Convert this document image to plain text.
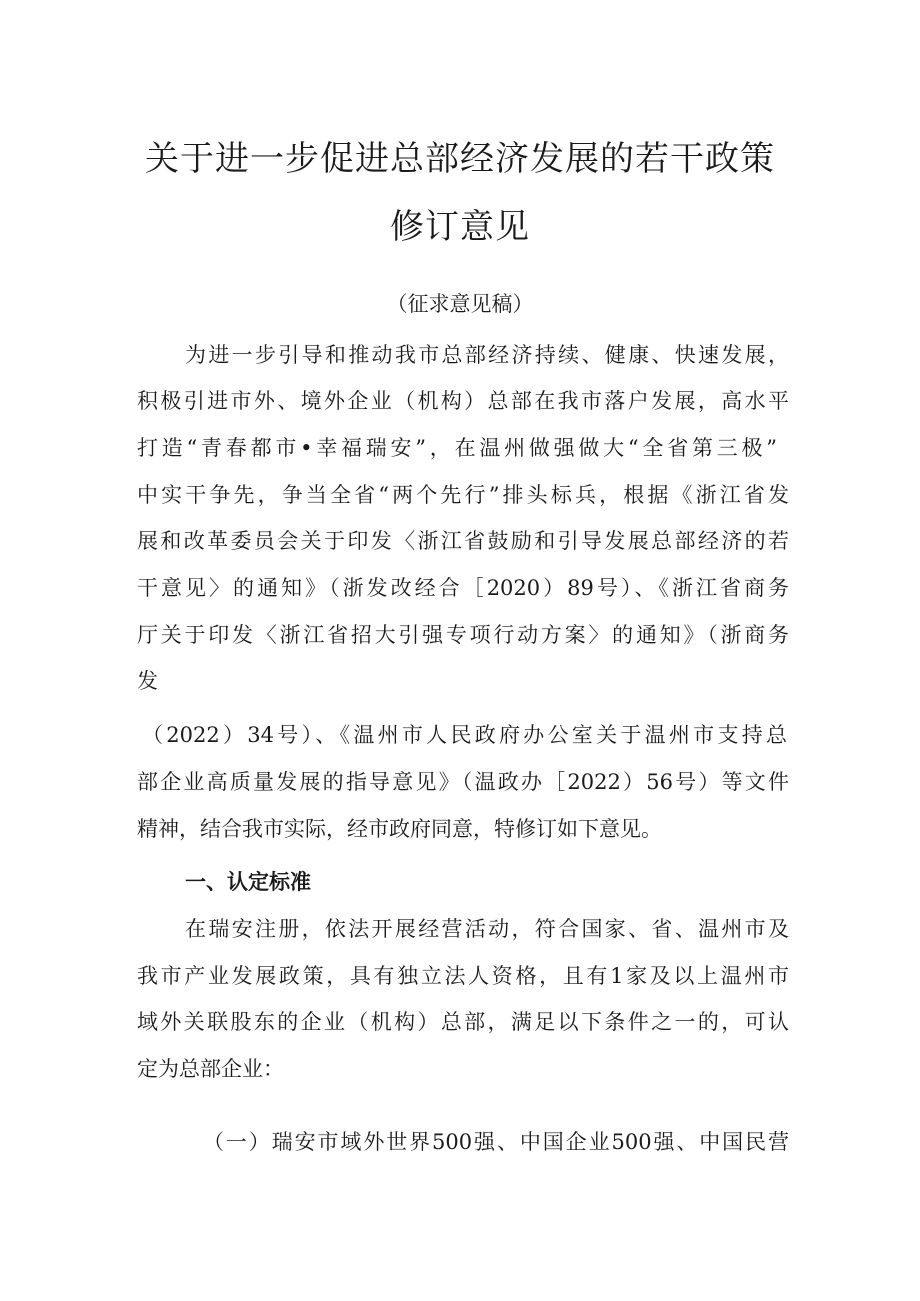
关于进一步促进总部经济发展的若干政策
修订意见
（征求意见稿）
为进一步引导和推动我市总部经济持续、健康、快速发展，
积极引进市外、境外企业（机构）总部在我市落户发展，高水平
打造“青春都市•幸福瑞安”，在温州做强做大“全省第三极”
中实干争先，争当全省“两个先行”排头标兵，根据《浙江省发
展和改革委员会关于印发〈浙江省鼓励和引导发展总部经济的若
干意见〉的通知》（浙发改经合［2020）89号）、《浙江省商务
厅关于印发〈浙江省招大引强专项行动方案〉的通知》（浙商务
发
（2022）34号）、《温州市人民政府办公室关于温州市支持总
部企业高质量发展的指导意见》（温政办［2022）56号）等文件
精神，结合我市实际，经市政府同意，特修订如下意见。
一、认定标准
在瑞安注册，依法开展经营活动，符合国家、省、温州市及
我市产业发展政策，具有独立法人资格，且有1家及以上温州市
域外关联股东的企业（机构）总部，满足以下条件之一的，可认
定为总部企业：
（一）瑞安市域外世界500强、中国企业500强、中国民营
